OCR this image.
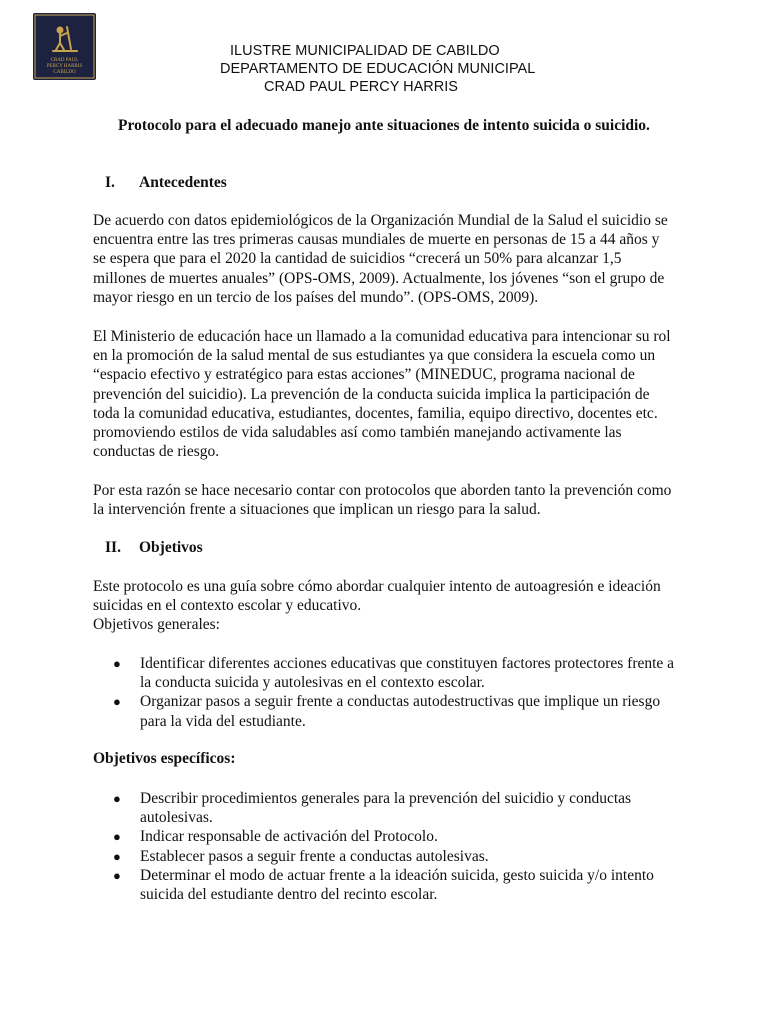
CRAD PAUL
PERCY HARRIS
CABILDO
ILUSTRE MUNICIPALIDAD DE CABILDO
DEPARTAMENTO DE EDUCACIÓN MUNICIPAL
CRAD PAUL PERCY HARRIS
Protocolo para el adecuado manejo ante situaciones de intento suicida o suicidio.
I. Antecedentes
De acuerdo con datos epidemiológicos de la Organización Mundial de la Salud el suicidio se
encuentra entre las tres primeras causas mundiales de muerte en personas de 15 a 44 años y
se espera que para el 2020 la cantidad de suicidios “crecerá un 50% para alcanzar 1,5
millones de muertes anuales” (OPS-OMS, 2009). Actualmente, los jóvenes “son el grupo de
mayor riesgo en un tercio de los países del mundo”. (OPS-OMS, 2009).
El Ministerio de educación hace un llamado a la comunidad educativa para intencionar su rol
en la promoción de la salud mental de sus estudiantes ya que considera la escuela como un
“espacio efectivo y estratégico para estas acciones” (MINEDUC, programa nacional de
prevención del suicidio). La prevención de la conducta suicida implica la participación de
toda la comunidad educativa, estudiantes, docentes, familia, equipo directivo, docentes etc.
promoviendo estilos de vida saludables así como también manejando activamente las
conductas de riesgo.
Por esta razón se hace necesario contar con protocolos que aborden tanto la prevención como
la intervención frente a situaciones que implican un riesgo para la salud.
II. Objetivos
Este protocolo es una guía sobre cómo abordar cualquier intento de autoagresión e ideación
suicidas en el contexto escolar y educativo.
Objetivos generales:
● Identificar diferentes acciones educativas que constituyen factores protectores frente a
la conducta suicida y autolesivas en el contexto escolar.
● Organizar pasos a seguir frente a conductas autodestructivas que implique un riesgo
para la vida del estudiante.
Objetivos específicos:
● Describir procedimientos generales para la prevención del suicidio y conductas
autolesivas.
● Indicar responsable de activación del Protocolo.
● Establecer pasos a seguir frente a conductas autolesivas.
● Determinar el modo de actuar frente a la ideación suicida, gesto suicida y/o intento
suicida del estudiante dentro del recinto escolar.
